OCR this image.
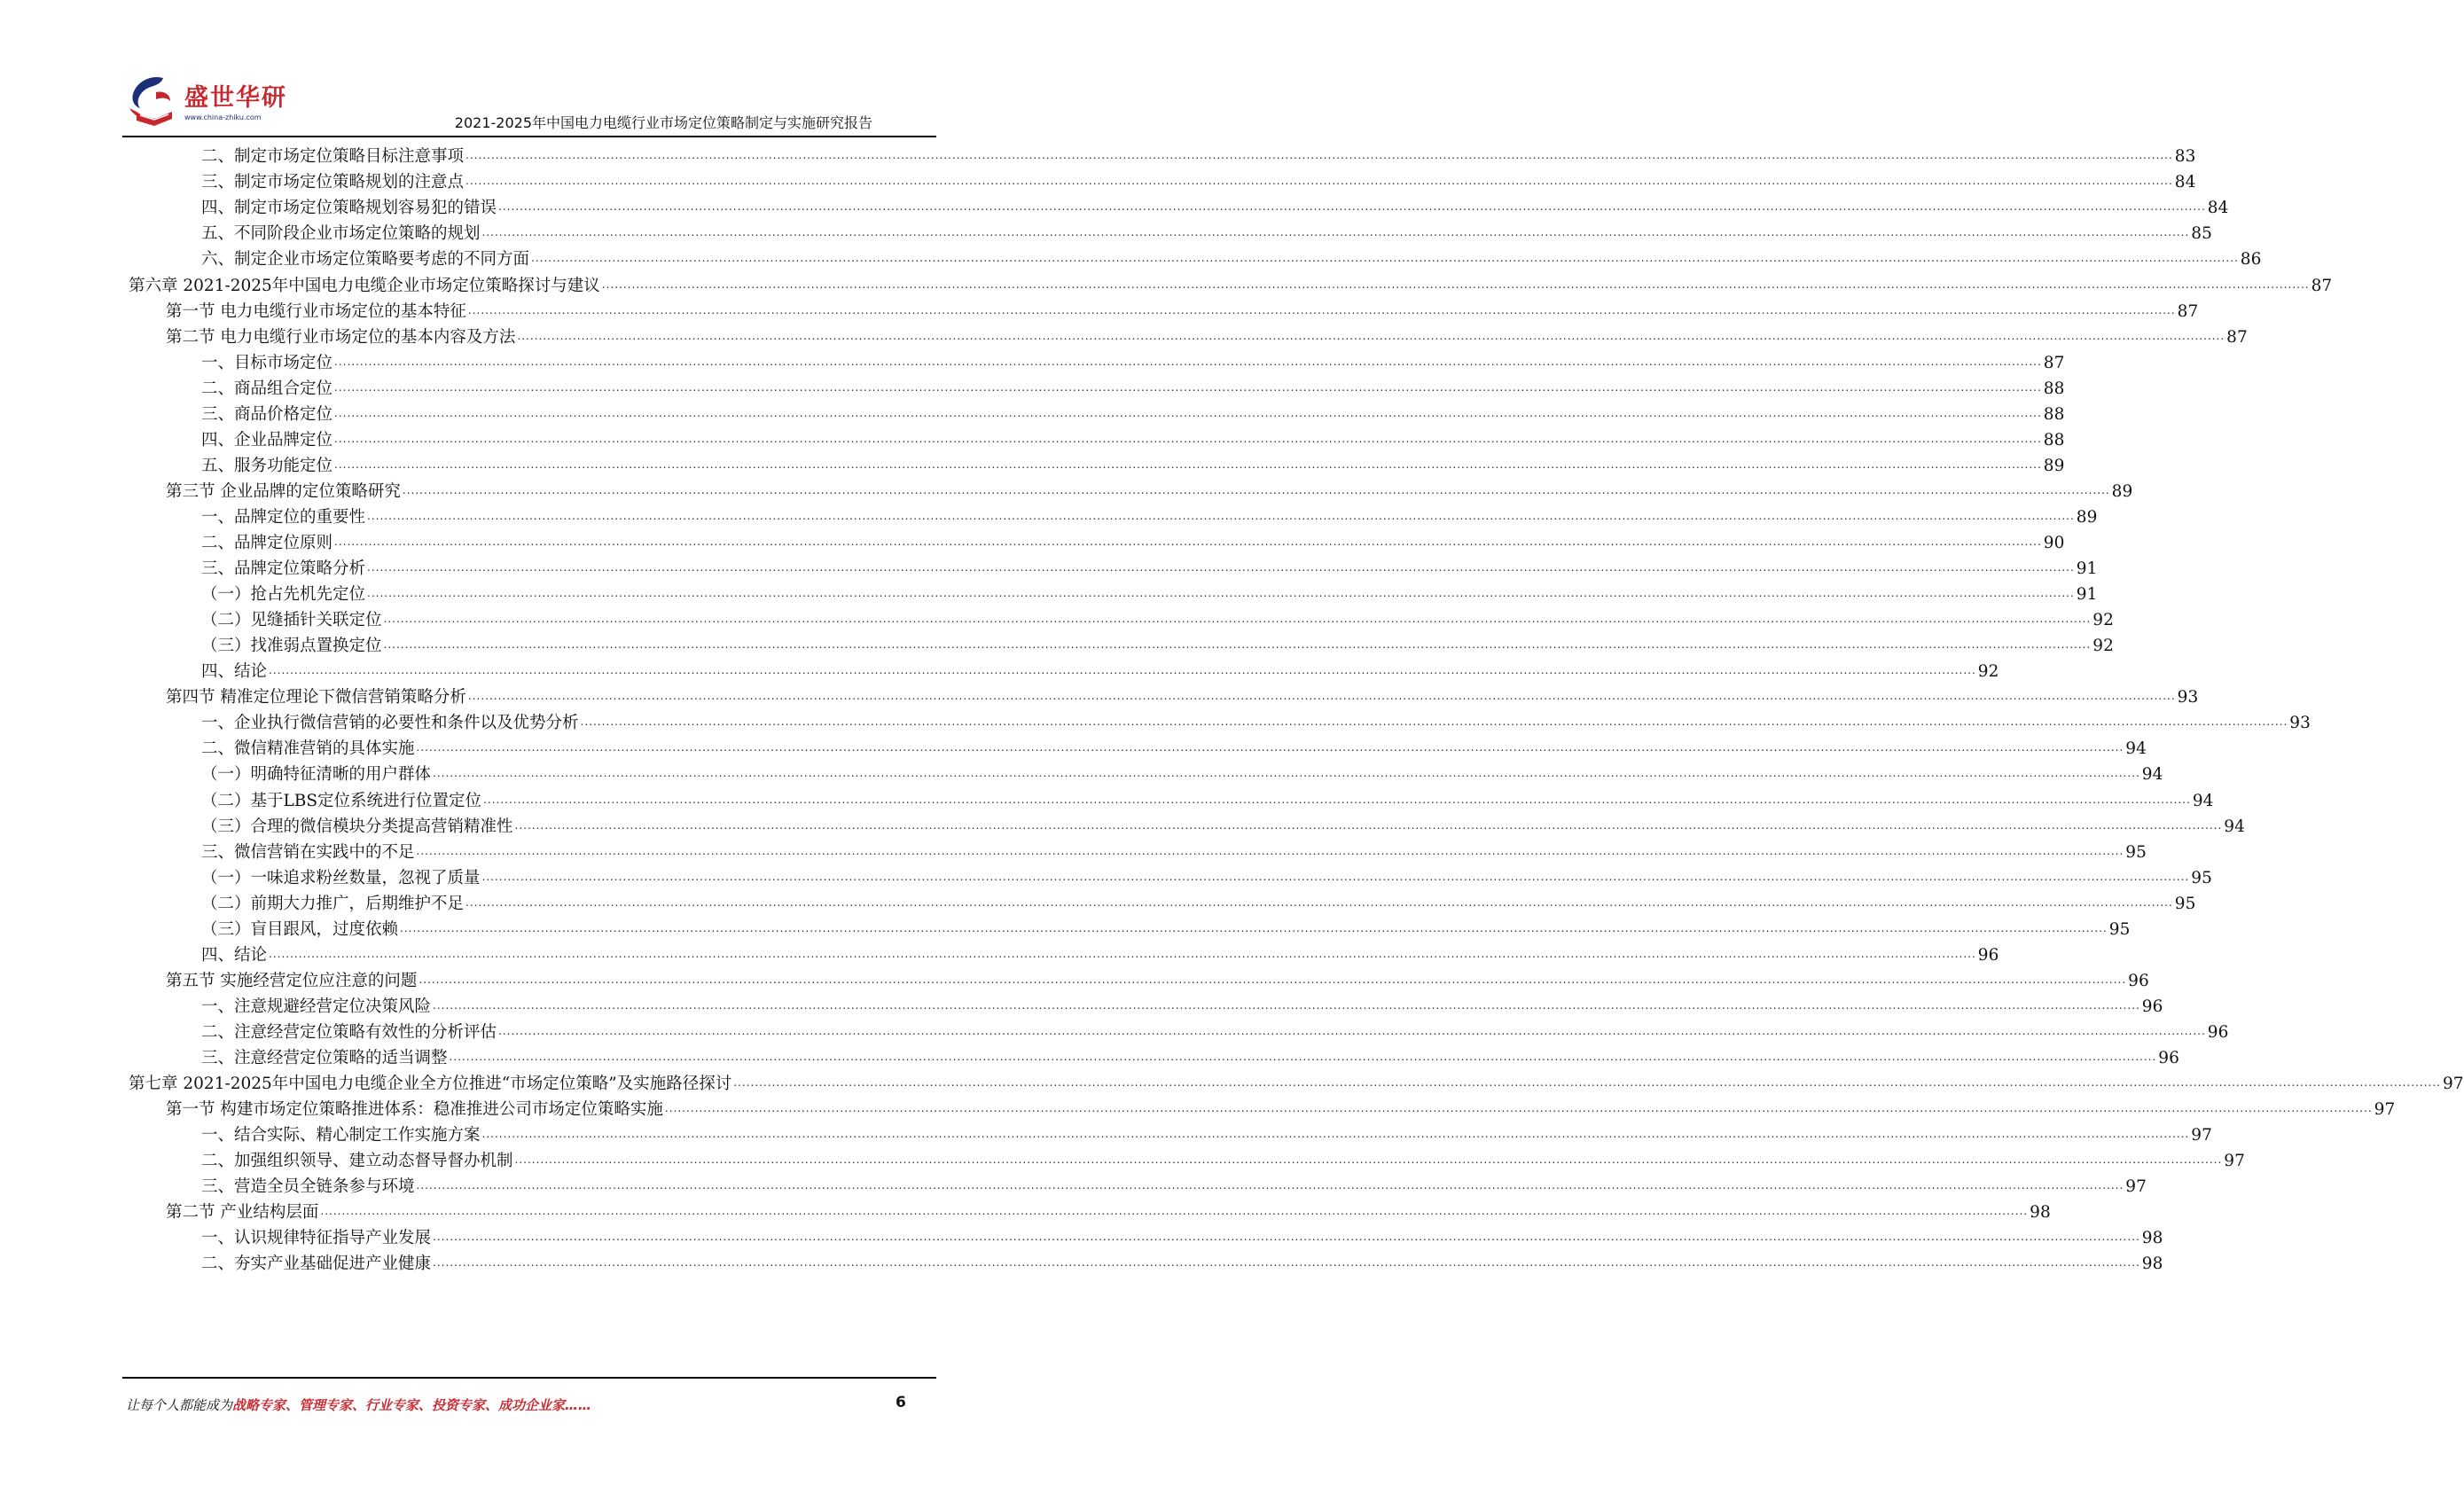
盛世华研
www.china-zhiku.com	2021-2025年中国电力电缆行业市场定位策略制定与实施研究报告
二、制定市场定位策略目标注意事项 ................................................................................................................................................................................................................................................................................................................................................................................................................ 83
三、制定市场定位策略规划的注意点 ................................................................................................................................................................................................................................................................................................................................................................................................................ 84
四、制定市场定位策略规划容易犯的错误 ................................................................................................................................................................................................................................................................................................................................................................................................................ 84
五、不同阶段企业市场定位策略的规划 ................................................................................................................................................................................................................................................................................................................................................................................................................ 85
六、制定企业市场定位策略要考虑的不同方面 ................................................................................................................................................................................................................................................................................................................................................................................................................ 86
第六章 2021-2025年中国电力电缆企业市场定位策略探讨与建议 ................................................................................................................................................................................................................................................................................................................................................................................................................ 87
第一节 电力电缆行业市场定位的基本特征 ................................................................................................................................................................................................................................................................................................................................................................................................................ 87
第二节 电力电缆行业市场定位的基本内容及方法 ................................................................................................................................................................................................................................................................................................................................................................................................................ 87
一、目标市场定位 ................................................................................................................................................................................................................................................................................................................................................................................................................ 87
二、商品组合定位 ................................................................................................................................................................................................................................................................................................................................................................................................................ 88
三、商品价格定位 ................................................................................................................................................................................................................................................................................................................................................................................................................ 88
四、企业品牌定位 ................................................................................................................................................................................................................................................................................................................................................................................................................ 88
五、服务功能定位 ................................................................................................................................................................................................................................................................................................................................................................................................................ 89
第三节 企业品牌的定位策略研究 ................................................................................................................................................................................................................................................................................................................................................................................................................ 89
一、品牌定位的重要性 ................................................................................................................................................................................................................................................................................................................................................................................................................ 89
二、品牌定位原则 ................................................................................................................................................................................................................................................................................................................................................................................................................ 90
三、品牌定位策略分析 ................................................................................................................................................................................................................................................................................................................................................................................................................ 91
（一）抢占先机先定位 ................................................................................................................................................................................................................................................................................................................................................................................................................ 91
（二）见缝插针关联定位 ................................................................................................................................................................................................................................................................................................................................................................................................................ 92
（三）找准弱点置换定位 ................................................................................................................................................................................................................................................................................................................................................................................................................ 92
四、结论 ................................................................................................................................................................................................................................................................................................................................................................................................................ 92
第四节 精准定位理论下微信营销策略分析 ................................................................................................................................................................................................................................................................................................................................................................................................................ 93
一、企业执行微信营销的必要性和条件以及优势分析 ................................................................................................................................................................................................................................................................................................................................................................................................................ 93
二、微信精准营销的具体实施 ................................................................................................................................................................................................................................................................................................................................................................................................................ 94
（一）明确特征清晰的用户群体 ................................................................................................................................................................................................................................................................................................................................................................................................................ 94
（二）基于LBS定位系统进行位置定位 ................................................................................................................................................................................................................................................................................................................................................................................................................ 94
（三）合理的微信模块分类提高营销精准性 ................................................................................................................................................................................................................................................................................................................................................................................................................ 94
三、微信营销在实践中的不足 ................................................................................................................................................................................................................................................................................................................................................................................................................ 95
（一）一味追求粉丝数量，忽视了质量 ................................................................................................................................................................................................................................................................................................................................................................................................................ 95
（二）前期大力推广，后期维护不足 ................................................................................................................................................................................................................................................................................................................................................................................................................ 95
（三）盲目跟风，过度依赖 ................................................................................................................................................................................................................................................................................................................................................................................................................ 95
四、结论 ................................................................................................................................................................................................................................................................................................................................................................................................................ 96
第五节 实施经营定位应注意的问题 ................................................................................................................................................................................................................................................................................................................................................................................................................ 96
一、注意规避经营定位决策风险 ................................................................................................................................................................................................................................................................................................................................................................................................................ 96
二、注意经营定位策略有效性的分析评估 ................................................................................................................................................................................................................................................................................................................................................................................................................ 96
三、注意经营定位策略的适当调整 ................................................................................................................................................................................................................................................................................................................................................................................................................ 96
第七章 2021-2025年中国电力电缆企业全方位推进“市场定位策略”及实施路径探讨 ................................................................................................................................................................................................................................................................................................................................................................................................................ 97
第一节 构建市场定位策略推进体系：稳准推进公司市场定位策略实施 ................................................................................................................................................................................................................................................................................................................................................................................................................ 97
一、结合实际、精心制定工作实施方案 ................................................................................................................................................................................................................................................................................................................................................................................................................ 97
二、加强组织领导、建立动态督导督办机制 ................................................................................................................................................................................................................................................................................................................................................................................................................ 97
三、营造全员全链条参与环境 ................................................................................................................................................................................................................................................................................................................................................................................................................ 97
第二节 产业结构层面 ................................................................................................................................................................................................................................................................................................................................................................................................................ 98
一、认识规律特征指导产业发展 ................................................................................................................................................................................................................................................................................................................................................................................................................ 98
二、夯实产业基础促进产业健康 ................................................................................................................................................................................................................................................................................................................................................................................................................ 98
让每个人都能成为战略专家、管理专家、行业专家、投资专家、成功企业家……	6
